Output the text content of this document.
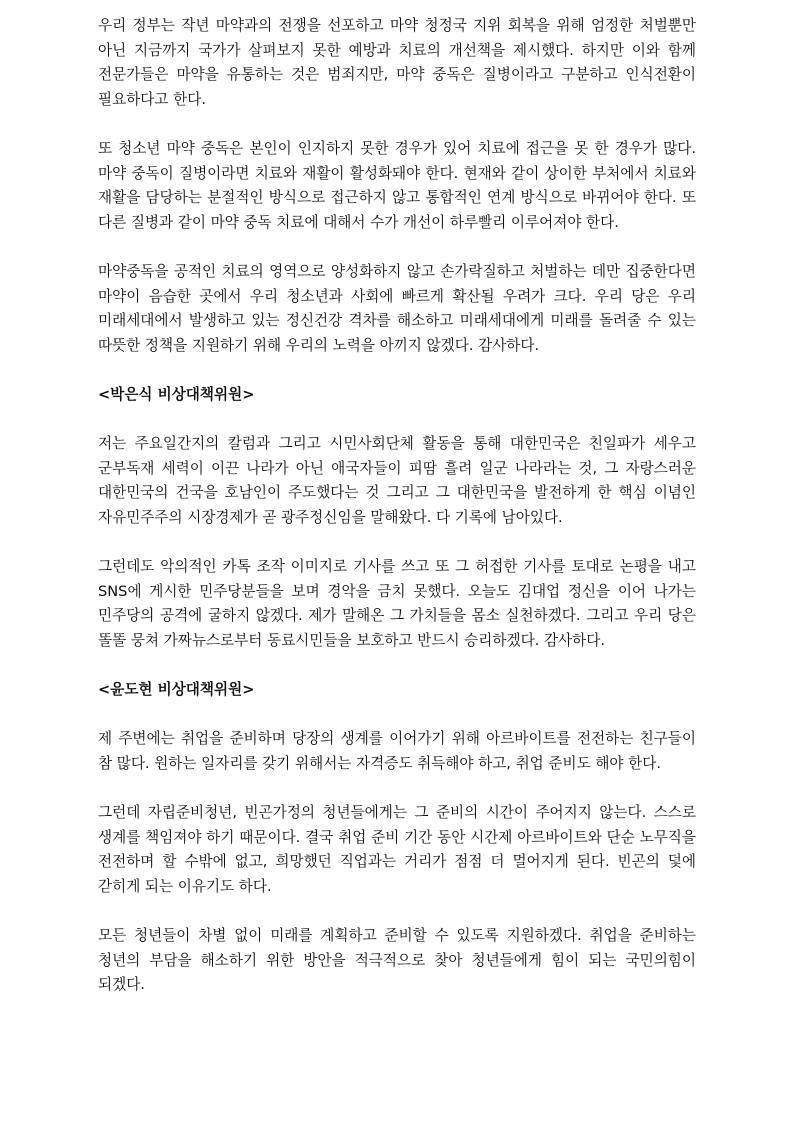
우리 정부는 작년 마약과의 전쟁을 선포하고 마약 청정국 지위 회복을 위해 엄정한 처벌뿐만 아닌 지금까지 국가가 살펴보지 못한 예방과 치료의 개선책을 제시했다. 하지만 이와 함께 전문가들은 마약을 유통하는 것은 범죄지만, 마약 중독은 질병이라고 구분하고 인식전환이 필요하다고 한다.

또 청소년 마약 중독은 본인이 인지하지 못한 경우가 있어 치료에 접근을 못 한 경우가 많다. 마약 중독이 질병이라면 치료와 재활이 활성화돼야 한다. 현재와 같이 상이한 부처에서 치료와 재활을 담당하는 분절적인 방식으로 접근하지 않고 통합적인 연계 방식으로 바뀌어야 한다. 또 다른 질병과 같이 마약 중독 치료에 대해서 수가 개선이 하루빨리 이루어져야 한다.

마약중독을 공적인 치료의 영역으로 양성화하지 않고 손가락질하고 처벌하는 데만 집중한다면 마약이 음습한 곳에서 우리 청소년과 사회에 빠르게 확산될 우려가 크다. 우리 당은 우리 미래세대에서 발생하고 있는 정신건강 격차를 해소하고 미래세대에게 미래를 돌려줄 수 있는 따뜻한 정책을 지원하기 위해 우리의 노력을 아끼지 않겠다. 감사하다.

<박은식 비상대책위원>

저는 주요일간지의 칼럼과 그리고 시민사회단체 활동을 통해 대한민국은 친일파가 세우고 군부독재 세력이 이끈 나라가 아닌 애국자들이 피땀 흘려 일군 나라라는 것, 그 자랑스러운 대한민국의 건국을 호남인이 주도했다는 것 그리고 그 대한민국을 발전하게 한 핵심 이념인 자유민주주의 시장경제가 곧 광주정신임을 말해왔다. 다 기록에 남아있다.

그런데도 악의적인 카톡 조작 이미지로 기사를 쓰고 또 그 허접한 기사를 토대로 논평을 내고 SNS에 게시한 민주당분들을 보며 경악을 금치 못했다. 오늘도 김대업 정신을 이어 나가는 민주당의 공격에 굴하지 않겠다. 제가 말해온 그 가치들을 몸소 실천하겠다. 그리고 우리 당은 똘똘 뭉쳐 가짜뉴스로부터 동료시민들을 보호하고 반드시 승리하겠다. 감사하다.

<윤도현 비상대책위원>

제 주변에는 취업을 준비하며 당장의 생계를 이어가기 위해 아르바이트를 전전하는 친구들이 참 많다. 원하는 일자리를 갖기 위해서는 자격증도 취득해야 하고, 취업 준비도 해야 한다.

그런데 자립준비청년, 빈곤가정의 청년들에게는 그 준비의 시간이 주어지지 않는다. 스스로 생계를 책임져야 하기 때문이다. 결국 취업 준비 기간 동안 시간제 아르바이트와 단순 노무직을 전전하며 할 수밖에 없고, 희망했던 직업과는 거리가 점점 더 멀어지게 된다. 빈곤의 덫에 갇히게 되는 이유기도 하다.

모든 청년들이 차별 없이 미래를 계획하고 준비할 수 있도록 지원하겠다. 취업을 준비하는 청년의 부담을 해소하기 위한 방안을 적극적으로 찾아 청년들에게 힘이 되는 국민의힘이 되겠다.
